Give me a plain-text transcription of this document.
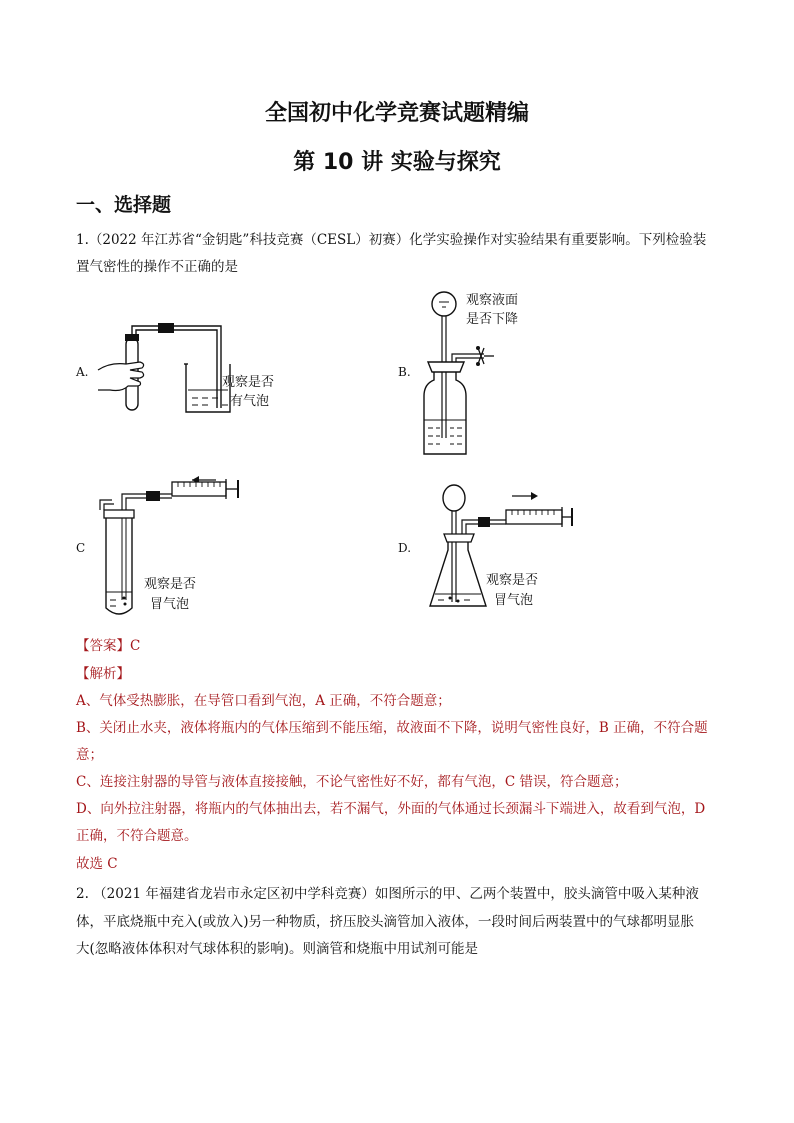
全国初中化学竞赛试题精编
第 10 讲 实验与探究
一、选择题
1.（2022 年江苏省“金钥匙”科技竞赛（CESL）初赛）化学实验操作对实验结果有重要影响。下列检验装
置气密性的操作不正确的是
A.
观察是否
有气泡
B.
观察液面
是否下降
C
观察是否
冒气泡
D.
观察是否
冒气泡
【答案】C
【解析】
A、气体受热膨胀，在导管口看到气泡，A 正确，不符合题意；
B、关闭止水夹，液体将瓶内的气体压缩到不能压缩，故液面不下降，说明气密性良好，B 正确，不符合题
意；
C、连接注射器的导管与液体直接接触，不论气密性好不好，都有气泡，C 错误，符合题意；
D、向外拉注射器，将瓶内的气体抽出去，若不漏气，外面的气体通过长颈漏斗下端进入，故看到气泡，D
正确，不符合题意。
故选 C
2. （2021 年福建省龙岩市永定区初中学科竞赛）如图所示的甲、乙两个装置中，胶头滴管中吸入某种液
体，平底烧瓶中充入(或放入)另一种物质，挤压胶头滴管加入液体，一段时间后两装置中的气球都明显胀
大(忽略液体体积对气球体积的影响)。则滴管和烧瓶中用试剂可能是
